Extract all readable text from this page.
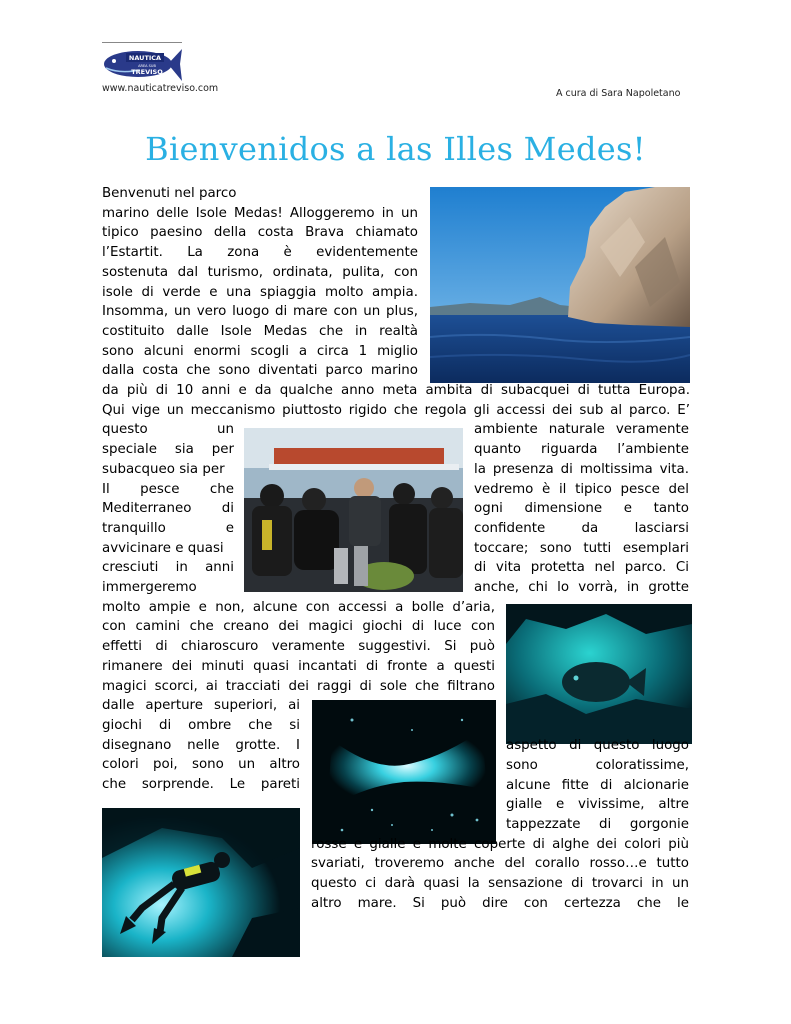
NAUTICA
AREA SUB
TREVISO
www.nauticatreviso.com	A cura di Sara Napoletano
Bienvenidos a las Illes Medes!
Benvenuti nel parco
marino delle Isole Medas! Alloggeremo in un
tipico paesino della costa Brava chiamato
l’Estartit. La zona è evidentemente
sostenuta dal turismo, ordinata, pulita, con
isole di verde e una spiaggia molto ampia.
Insomma, un vero luogo di mare con un plus,
costituito dalle Isole Medas che in realtà
sono alcuni enormi scogli a circa 1 miglio
dalla costa che sono diventati parco marino
da più di 10 anni e da qualche anno meta ambita di subacquei di tutta Europa.
Qui vige un meccanismo piuttosto rigido che regola gli accessi dei sub al parco. E’
questo	un
speciale sia per
subacqueo sia per
Il pesce che
Mediterraneo di
tranquillo	e
avvicinare e quasi
cresciuti in anni
immergeremo
ambiente naturale veramente
quanto riguarda l’ambiente
la presenza di moltissima vita.
vedremo è il tipico pesce del
ogni dimensione e tanto
confidente da lasciarsi
toccare; sono tutti esemplari
di vita protetta nel parco. Ci
anche, chi lo vorrà, in grotte
molto ampie e non, alcune con accessi a bolle d’aria,
con camini che creano dei magici giochi di luce con
effetti di chiaroscuro veramente suggestivi. Si può
rimanere dei minuti quasi incantati di fronte a questi
magici scorci, ai tracciati dei raggi di sole che filtrano
dalle aperture superiori, ai
giochi di ombre che si
disegnano nelle grotte. I
colori poi, sono un altro
che sorprende. Le pareti
aspetto di questo luogo
sono coloratissime,
alcune fitte di alcionarie
gialle e vivissime, altre
tappezzate di gorgonie
rosse e gialle e molte coperte di alghe dei colori più
svariati, troveremo anche del corallo rosso…e tutto
questo ci darà quasi la sensazione di trovarci in un
altro mare. Si può dire con certezza che le
